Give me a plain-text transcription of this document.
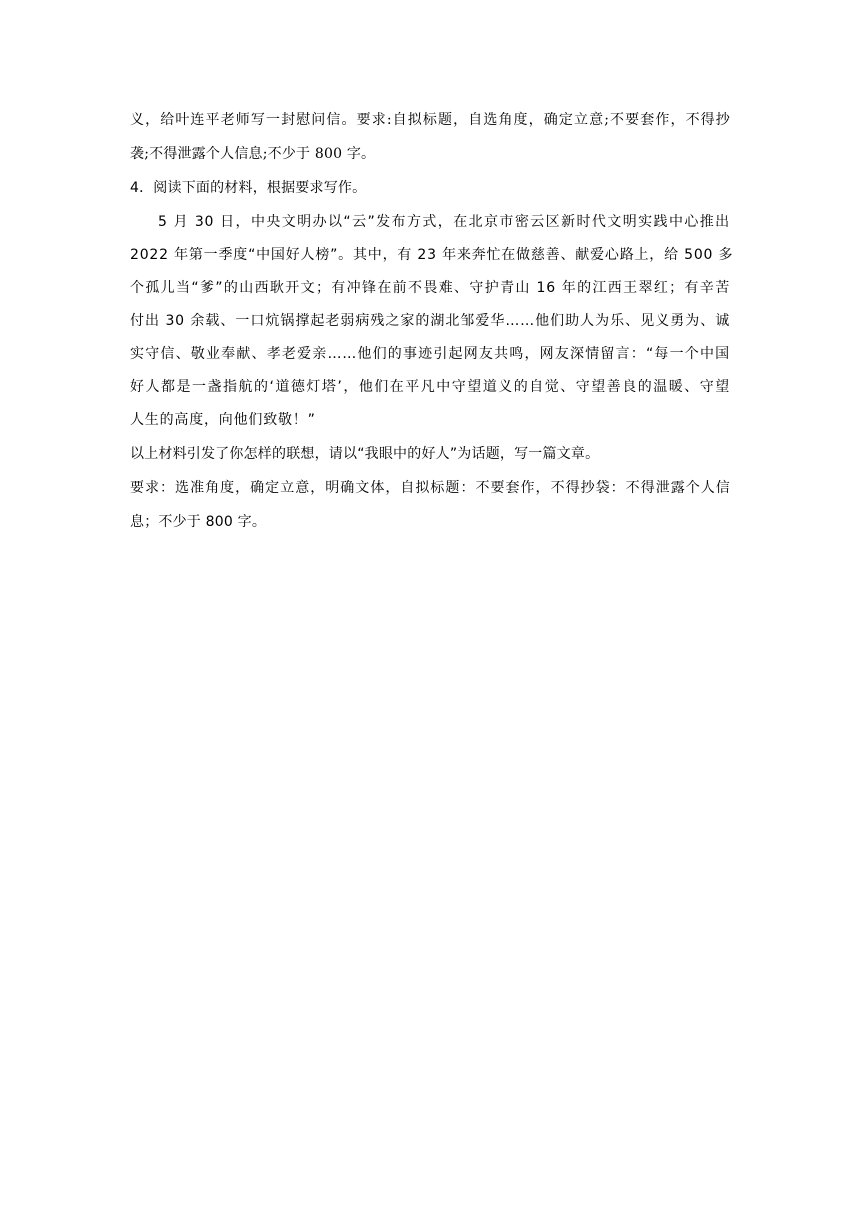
义，给叶连平老师写一封慰问信。要求:自拟标题，自选角度，确定立意;不要套作，不得抄
袭;不得泄露个人信息;不少于 800 字。
4．阅读下面的材料，根据要求写作。
5 月 30 日，中央文明办以“云”发布方式，在北京市密云区新时代文明实践中心推出
2022 年第一季度“中国好人榜”。其中，有 23 年来奔忙在做慈善、献爱心路上，给 500 多
个孤儿当“爹”的山西耿开文；有冲锋在前不畏难、守护青山 16 年的江西王翠红；有辛苦
付出 30 余载、一口炕锅撑起老弱病残之家的湖北邹爱华……他们助人为乐、见义勇为、诚
实守信、敬业奉献、孝老爱亲……他们的事迹引起网友共鸣，网友深情留言：“每一个中国
好人都是一盏指航的‘道德灯塔’，他们在平凡中守望道义的自觉、守望善良的温暖、守望
人生的高度，向他们致敬！”
以上材料引发了你怎样的联想，请以“我眼中的好人”为话题，写一篇文章。
要求：选准角度，确定立意，明确文体，自拟标题：不要套作，不得抄袋：不得泄露个人信
息；不少于 800 字。
